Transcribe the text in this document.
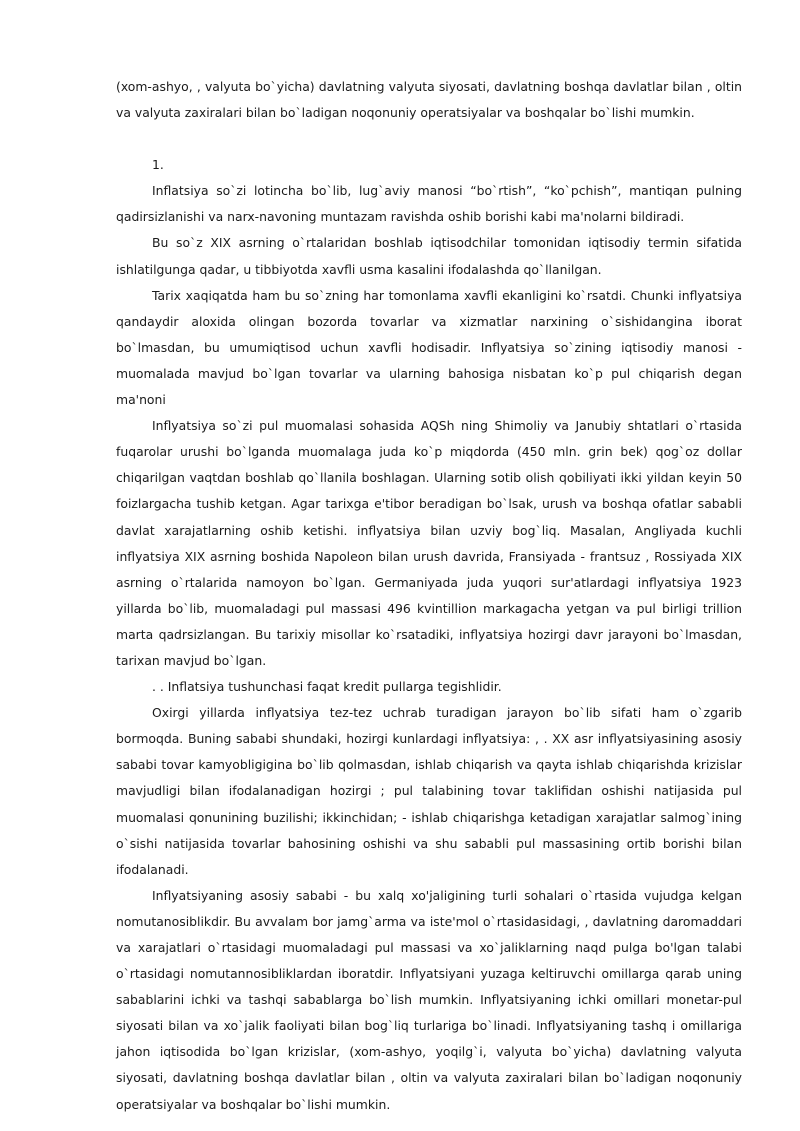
(xom-ashyo, , valyuta bo`yicha) davlatning valyuta siyosati, davlatning boshqa davlatlar bilan , oltin va valyuta zaxiralari bilan bo`ladigan noqonuniy operatsiyalar va boshqalar bo`lishi mumkin.

1.

Inflatsiya so`zi lotincha bo`lib, lug`aviy manosi “bo`rtish”, “ko`pchish”, mantiqan pulning qadirsizlanishi va narx-navoning muntazam ravishda oshib borishi kabi ma'nolarni bildiradi.

Bu so`z XIX asrning o`rtalaridan boshlab iqtisodchilar tomonidan iqtisodiy termin sifatida ishlatilgunga qadar, u tibbiyotda xavfli usma kasalini ifodalashda qo`llanilgan.

Tarix xaqiqatda ham bu so`zning har tomonlama xavfli ekanligini ko`rsatdi. Chunki inflyatsiya qandaydir aloxida olingan bozorda tovarlar va xizmatlar narxining o`sishidangina iborat bo`lmasdan, bu umumiqtisod uchun xavfli hodisadir. Inflyatsiya so`zining iqtisodiy manosi - muomalada mavjud bo`lgan tovarlar va ularning bahosiga nisbatan ko`p pul chiqarish degan ma'noni

Inflyatsiya so`zi pul muomalasi sohasida AQSh ning Shimoliy va Janubiy shtatlari o`rtasida fuqarolar urushi bo`lganda muomalaga juda ko`p miqdorda (450 mln. grin bek) qog`oz dollar chiqarilgan vaqtdan boshlab qo`llanila boshlagan. Ularning sotib olish qobiliyati ikki yildan keyin 50 foizlargacha tushib ketgan. Agar tarixga e'tibor beradigan bo`lsak, urush va boshqa ofatlar sababli davlat xarajatlarning oshib ketishi. inflyatsiya bilan uzviy bog`liq. Masalan, Angliyada kuchli inflyatsiya XIX asrning boshida Napoleon bilan urush davrida, Fransiyada - frantsuz , Rossiyada XIX asrning o`rtalarida namoyon bo`lgan. Germaniyada juda yuqori sur'atlardagi inflyatsiya 1923 yillarda bo`lib, muomaladagi pul massasi 496 kvintillion markagacha yetgan va pul birligi trillion marta qadrsizlangan. Bu tarixiy misollar ko`rsatadiki, inflyatsiya hozirgi davr jarayoni bo`lmasdan, tarixan mavjud bo`lgan.

. . Inflatsiya tushunchasi faqat kredit pullarga tegishlidir.

Oxirgi yillarda inflyatsiya tez-tez uchrab turadigan jarayon bo`lib sifati ham o`zgarib bormoqda. Buning sababi shundaki, hozirgi kunlardagi inflyatsiya: , . XX asr inflyatsiyasining asosiy sababi tovar kamyobligigina bo`lib qolmasdan, ishlab chiqarish va qayta ishlab chiqarishda krizislar mavjudligi bilan ifodalanadigan hozirgi ; pul talabining tovar taklifidan oshishi natijasida pul muomalasi qonunining buzilishi; ikkinchidan; - ishlab chiqarishga ketadigan xarajatlar salmog`ining o`sishi natijasida tovarlar bahosining oshishi va shu sababli pul massasining ortib borishi bilan ifodalanadi.

Inflyatsiyaning asosiy sababi - bu xalq xo'jaligining turli sohalari o`rtasida vujudga kelgan nomutanosiblikdir. Bu avvalam bor jamg`arma va iste'mol o`rtasidasidagi, , davlatning daromaddari va xarajatlari o`rtasidagi muomaladagi pul massasi va xo`jaliklarning naqd pulga bo'lgan talabi o`rtasidagi nomutannosibliklardan iboratdir. Inflyatsiyani yuzaga keltiruvchi omillarga qarab uning sabablarini ichki va tashqi sabablarga bo`lish mumkin. Inflyatsiyaning ichki omillari monetar-pul siyosati bilan va xo`jalik faoliyati bilan bog`liq turlariga bo`linadi. Inflyatsiyaning tashq i omillariga jahon iqtisodida bo`lgan krizislar, (xom-ashyo, yoqilg`i, valyuta bo`yicha) davlatning valyuta siyosati, davlatning boshqa davlatlar bilan , oltin va valyuta zaxiralari bilan bo`ladigan noqonuniy operatsiyalar va boshqalar bo`lishi mumkin.
